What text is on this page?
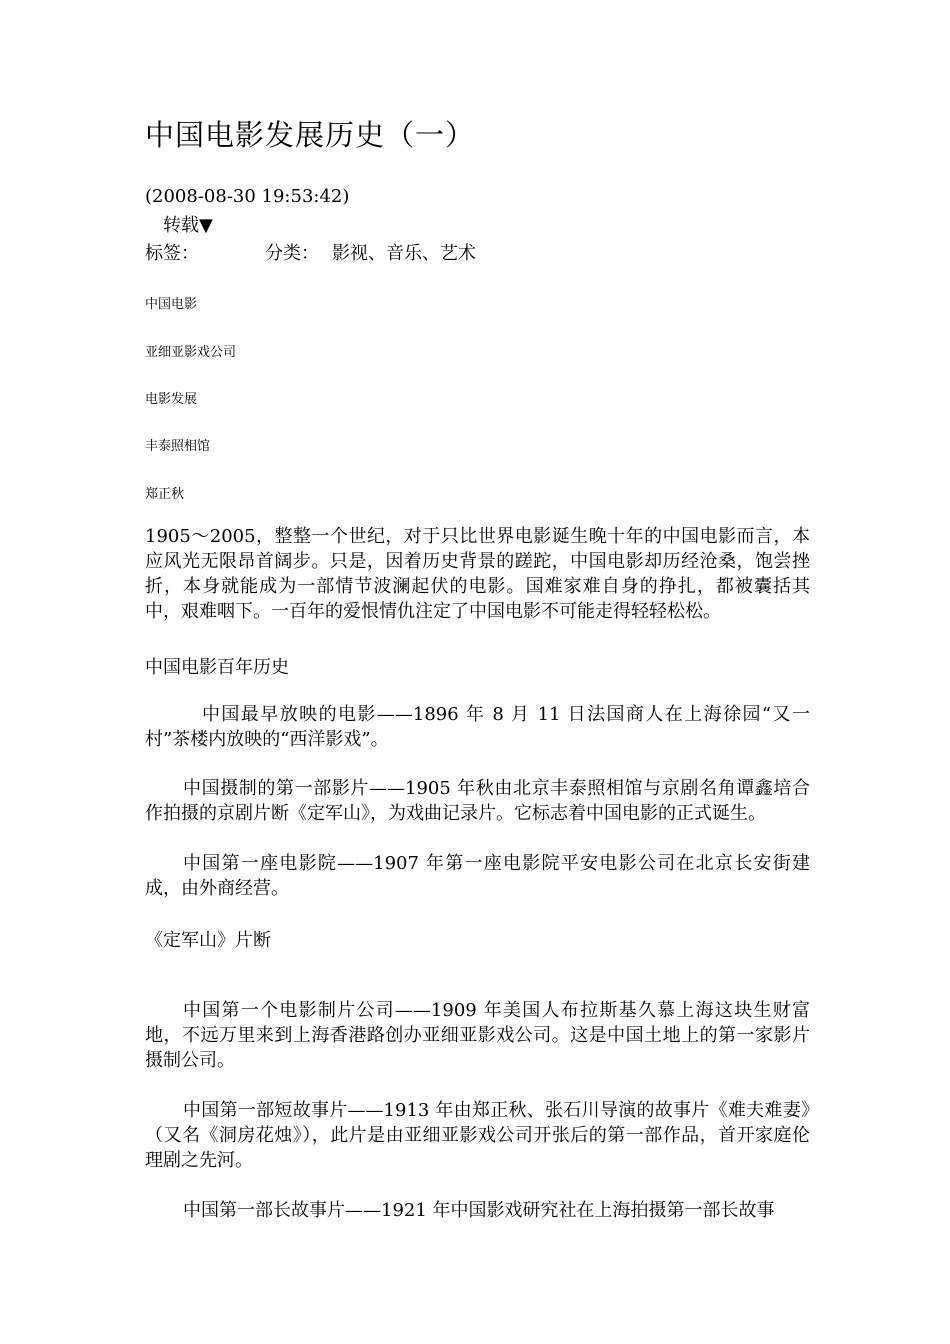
中国电影发展历史（一）
(2008-08-30 19:53:42)
转载▼
标签：	分类： 影视、音乐、艺术
中国电影
亚细亚影戏公司
电影发展
丰泰照相馆
郑正秋
1905～2005，整整一个世纪，对于只比世界电影诞生晚十年的中国电影而言，本应风光无限昂首阔步。只是，因着历史背景的蹉跎，中国电影却历经沧桑，饱尝挫折，本身就能成为一部情节波澜起伏的电影。国难家难自身的挣扎，都被囊括其中，艰难咽下。一百年的爱恨情仇注定了中国电影不可能走得轻轻松松。
中国电影百年历史
中国最早放映的电影——1896 年 8 月 11 日法国商人在上海徐园“又一村”茶楼内放映的“西洋影戏”。
中国摄制的第一部影片——1905 年秋由北京丰泰照相馆与京剧名角谭鑫培合作拍摄的京剧片断《定军山》，为戏曲记录片。它标志着中国电影的正式诞生。
中国第一座电影院——1907 年第一座电影院平安电影公司在北京长安街建成，由外商经营。
《定军山》片断
中国第一个电影制片公司——1909 年美国人布拉斯基久慕上海这块生财富地，不远万里来到上海香港路创办亚细亚影戏公司。这是中国土地上的第一家影片摄制公司。
中国第一部短故事片——1913 年由郑正秋、张石川导演的故事片《难夫难妻》（又名《洞房花烛》），此片是由亚细亚影戏公司开张后的第一部作品，首开家庭伦理剧之先河。
中国第一部长故事片——1921 年中国影戏研究社在上海拍摄第一部长故事
